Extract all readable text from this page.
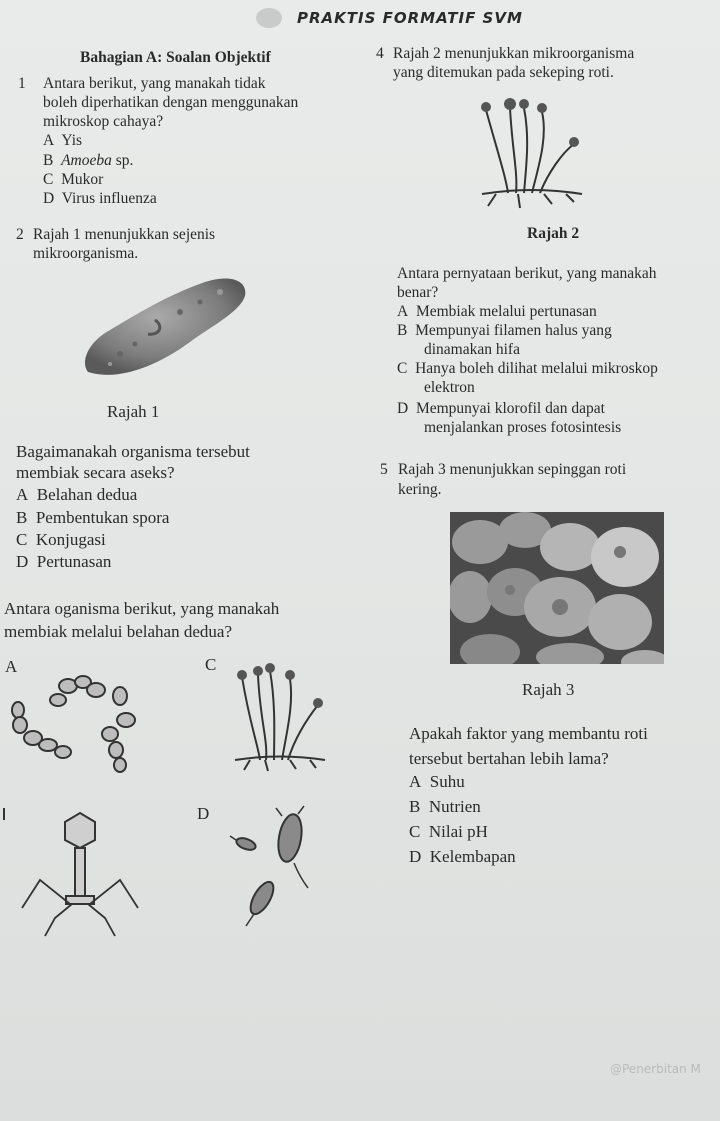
PRAKTIS FORMATIF SVM
Bahagian A: Soalan Objektif
1 Antara berikut, yang manakah tidak
boleh diperhatikan dengan menggunakan
mikroskop cahaya?
A Yis
B Amoeba sp.
C Mukor
D Virus influenza
2 Rajah 1 menunjukkan sejenis
mikroorganisma.
Rajah 1
Bagaimanakah organisma tersebut
membiak secara aseks?
A Belahan dedua
B Pembentukan spora
C Konjugasi
D Pertunasan
Antara oganisma berikut, yang manakah
membiak melalui belahan dedua?
A	C
D
4 Rajah 2 menunjukkan mikroorganisma
yang ditemukan pada sekeping roti.
Rajah 2
Antara pernyataan berikut, yang manakah
benar?
A Membiak melalui pertunasan
B Mempunyai filamen halus yang
dinamakan hifa
C Hanya boleh dilihat melalui mikroskop
elektron
D Mempunyai klorofil dan dapat
menjalankan proses fotosintesis
5 Rajah 3 menunjukkan sepinggan roti
kering.
Rajah 3
Apakah faktor yang membantu roti
tersebut bertahan lebih lama?
A Suhu
B Nutrien
C Nilai pH
D Kelembapan
@Penerbitan M
